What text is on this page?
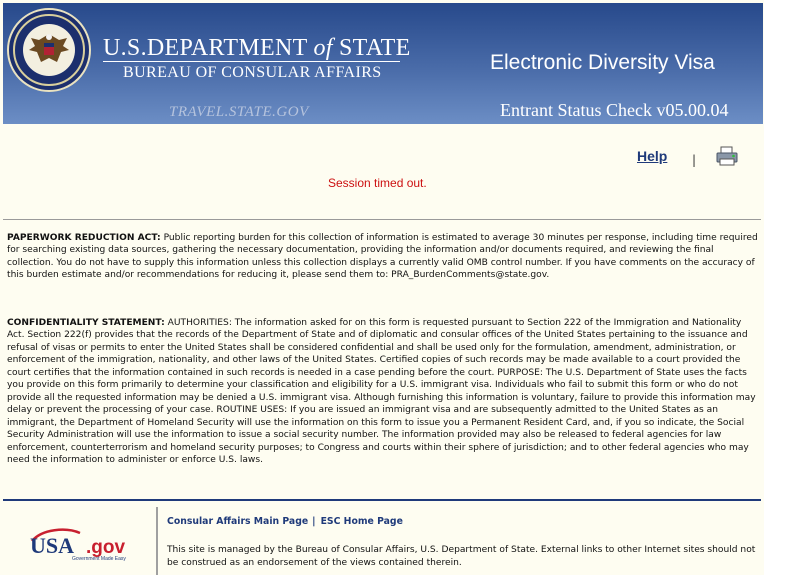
U.S.DEPARTMENT of STATE
BUREAU OF CONSULAR AFFAIRS
TRAVEL.STATE.GOV
Electronic Diversity Visa
Entrant Status Check v05.00.04
Help |
Session timed out.

PAPERWORK REDUCTION ACT: Public reporting burden for this collection of information is estimated to average 30 minutes per response, including time required for searching existing data sources, gathering the necessary documentation, providing the information and/or documents required, and reviewing the final collection. You do not have to supply this information unless this collection displays a currently valid OMB control number. If you have comments on the accuracy of this burden estimate and/or recommendations for reducing it, please send them to: PRA_BurdenComments@state.gov.

CONFIDENTIALITY STATEMENT: AUTHORITIES: The information asked for on this form is requested pursuant to Section 222 of the Immigration and Nationality Act. Section 222(f) provides that the records of the Department of State and of diplomatic and consular offices of the United States pertaining to the issuance and refusal of visas or permits to enter the United States shall be considered confidential and shall be used only for the formulation, amendment, administration, or enforcement of the immigration, nationality, and other laws of the United States. Certified copies of such records may be made available to a court provided the court certifies that the information contained in such records is needed in a case pending before the court. PURPOSE: The U.S. Department of State uses the facts you provide on this form primarily to determine your classification and eligibility for a U.S. immigrant visa. Individuals who fail to submit this form or who do not provide all the requested information may be denied a U.S. immigrant visa. Although furnishing this information is voluntary, failure to provide this information may delay or prevent the processing of your case. ROUTINE USES: If you are issued an immigrant visa and are subsequently admitted to the United States as an immigrant, the Department of Homeland Security will use the information on this form to issue you a Permanent Resident Card, and, if you so indicate, the Social Security Administration will use the information to issue a social security number. The information provided may also be released to federal agencies for law enforcement, counterterrorism and homeland security purposes; to Congress and courts within their sphere of jurisdiction; and to other federal agencies who may need the information to administer or enforce U.S. laws.

USA .gov
Government Made Easy
Consular Affairs Main Page | ESC Home Page

This site is managed by the Bureau of Consular Affairs, U.S. Department of State. External links to other Internet sites should not be construed as an endorsement of the views contained therein.
